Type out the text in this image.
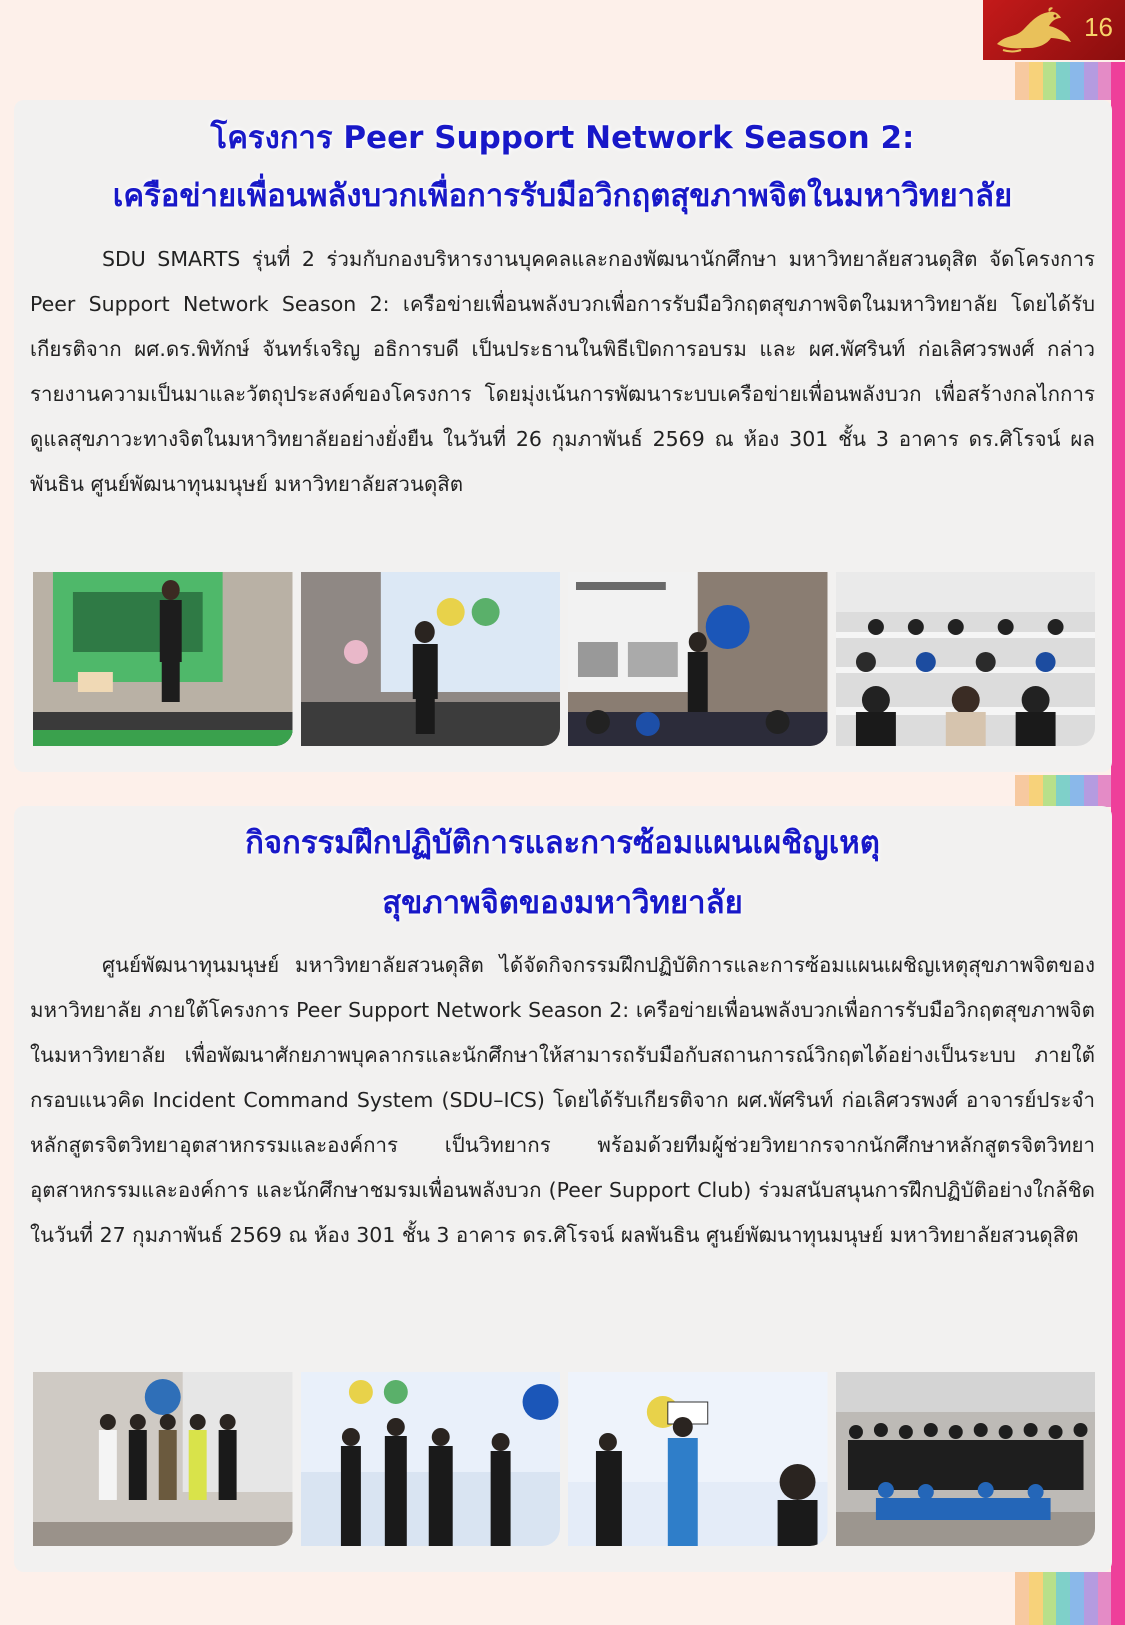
16
โครงการ Peer Support Network Season 2:
เครือข่ายเพื่อนพลังบวกเพื่อการรับมือวิกฤตสุขภาพจิตในมหาวิทยาลัย
SDU SMARTS รุ่นที่ 2 ร่วมกับกองบริหารงานบุคคลและกองพัฒนานักศึกษา มหาวิทยาลัยสวนดุสิต จัดโครงการ Peer Support Network Season 2: เครือข่ายเพื่อนพลังบวกเพื่อการรับมือวิกฤตสุขภาพจิตในมหาวิทยาลัย โดยได้รับเกียรติจาก ผศ.ดร.พิทักษ์ จันทร์เจริญ อธิการบดี เป็นประธานในพิธีเปิดการอบรม และ ผศ.พัศรินท์ ก่อเลิศวรพงศ์ กล่าวรายงานความเป็นมาและวัตถุประสงค์ของโครงการ โดยมุ่งเน้นการพัฒนาระบบเครือข่ายเพื่อนพลังบวก เพื่อสร้างกลไกการดูแลสุขภาวะทางจิตในมหาวิทยาลัยอย่างยั่งยืน ในวันที่ 26 กุมภาพันธ์ 2569 ณ ห้อง 301 ชั้น 3 อาคาร ดร.ศิโรจน์ ผลพันธิน ศูนย์พัฒนาทุนมนุษย์ มหาวิทยาลัยสวนดุสิต
กิจกรรมฝึกปฏิบัติการและการซ้อมแผนเผชิญเหตุ
สุขภาพจิตของมหาวิทยาลัย
ศูนย์พัฒนาทุนมนุษย์ มหาวิทยาลัยสวนดุสิต ได้จัดกิจกรรมฝึกปฏิบัติการและการซ้อมแผนเผชิญเหตุสุขภาพจิตของมหาวิทยาลัย ภายใต้โครงการ Peer Support Network Season 2: เครือข่ายเพื่อนพลังบวกเพื่อการรับมือวิกฤตสุขภาพจิตในมหาวิทยาลัย เพื่อพัฒนาศักยภาพบุคลากรและนักศึกษาให้สามารถรับมือกับสถานการณ์วิกฤตได้อย่างเป็นระบบ ภายใต้กรอบแนวคิด Incident Command System (SDU–ICS) โดยได้รับเกียรติจาก ผศ.พัศรินท์ ก่อเลิศวรพงศ์ อาจารย์ประจำหลักสูตรจิตวิทยาอุตสาหกรรมและองค์การ เป็นวิทยากร พร้อมด้วยทีมผู้ช่วยวิทยากรจากนักศึกษาหลักสูตรจิตวิทยาอุตสาหกรรมและองค์การ และนักศึกษาชมรมเพื่อนพลังบวก (Peer Support Club) ร่วมสนับสนุนการฝึกปฏิบัติอย่างใกล้ชิด ในวันที่ 27 กุมภาพันธ์ 2569 ณ ห้อง 301 ชั้น 3 อาคาร ดร.ศิโรจน์ ผลพันธิน ศูนย์พัฒนาทุนมนุษย์ มหาวิทยาลัยสวนดุสิต
